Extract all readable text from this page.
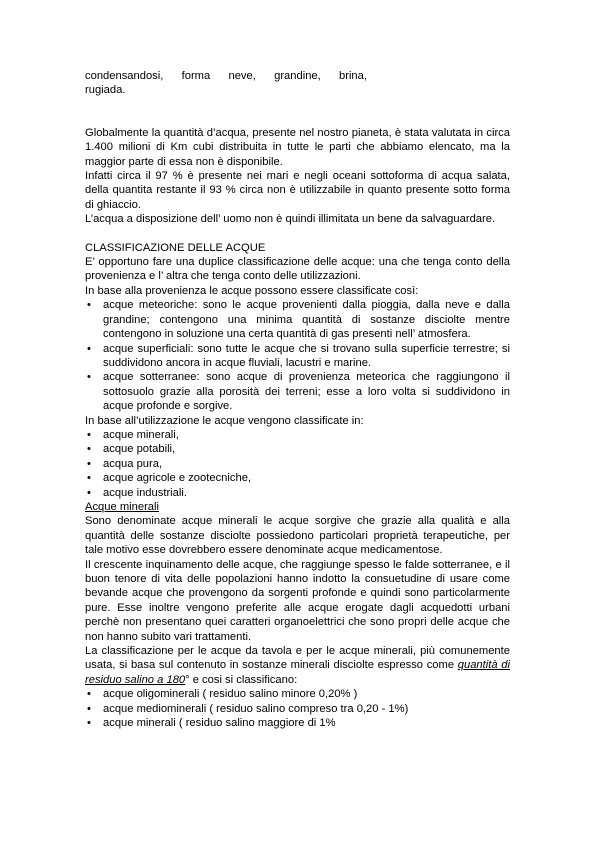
condensandosi, forma neve, grandine, brina,

rugiada.

Globalmente la quantità d’acqua, presente nel nostro pianeta, è stata valutata in circa 1.400 milioni di Km cubi distribuita in tutte le parti che abbiamo elencato, ma la maggior parte di essa non è disponibile.

Infatti circa il 97 % è presente nei mari e negli oceani sottoforma di acqua salata, della quantita restante il 93 % circa non è utilizzabile in quanto presente sotto forma di ghiaccio.

L’acqua a disposizione dell’ uomo non è quindi illimitata un bene da salvaguardare.

CLASSIFICAZIONE DELLE ACQUE

E’ opportuno fare una duplice classificazione delle acque: una che tenga conto della provenienza e l’ altra che tenga conto delle utilizzazioni.

In base alla provenienza le acque possono essere classificate così:

• acque meteoriche: sono le acque provenienti dalla pioggia, dalla neve e dalla grandine; contengono una minima quantità di sostanze disciolte mentre contengono in soluzione una certa quantità di gas presenti nell’ atmosfera.
• acque superficiali: sono tutte le acque che si trovano sulla superficie terrestre; si suddividono ancora in acque fluviali, lacustri e marine.
• acque sotterranee: sono acque di provenienza meteorica che raggiungono il sottosuolo grazie alla porosità dei terreni; esse a loro volta si suddividono in acque profonde e sorgive.

In base all’utilizzazione le acque vengono classificate in:

• acque minerali,
• acque potabili,
• acqua pura,
• acque agricole e zootecniche,
• acque industriali.

Acque minerali

Sono denominate acque minerali le acque sorgive che grazie alla qualità e alla quantità delle sostanze disciolte possiedono particolari proprietà terapeutiche, per tale motivo esse dovrebbero essere denominate acque medicamentose.

Il crescente inquinamento delle acque, che raggiunge spesso le falde sotterranee, e il buon tenore di vita delle popolazioni hanno indotto la consuetudine di usare come bevande acque che provengono da sorgenti profonde e quindi sono particolarmente pure. Esse inoltre vengono preferite alle acque erogate dagli acquedotti urbani perchè non presentano quei caratteri organoelettrici che sono propri delle acque che non hanno subito vari trattamenti.

La classificazione per le acque da tavola e per le acque minerali, più comunemente usata, si basa sul contenuto in sostanze minerali disciolte espresso come quantità di residuo salino a 180° e cosi si classificano:

• acque oligominerali ( residuo salino minore 0,20% )
• acque mediominerali ( residuo salino compreso tra 0,20 - 1%)
• acque minerali ( residuo salino maggiore di 1%
